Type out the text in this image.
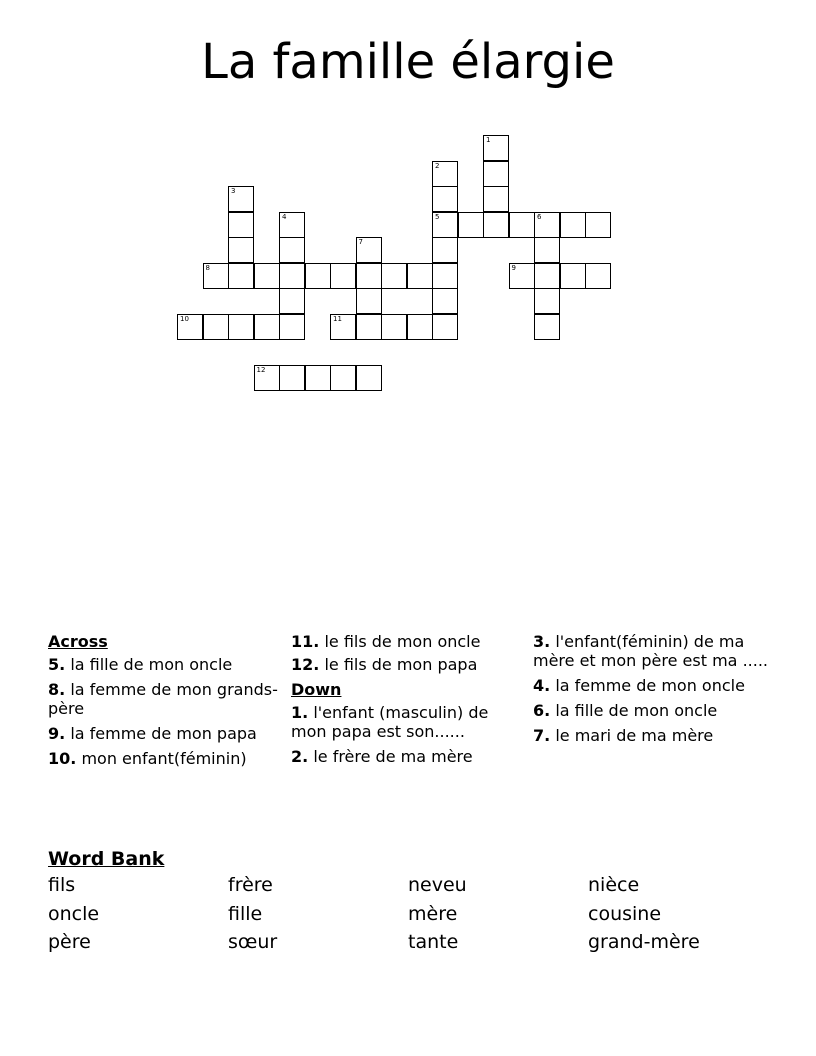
La famille élargie
1
2
5
3
4	6
7
8	9
10	11
12
Across
5. la fille de mon oncle
8. la femme de mon grands-père
9. la femme de mon papa
10. mon enfant(féminin)
11. le fils de mon oncle
12. le fils de mon papa
Down
1. l'enfant (masculin) de mon papa est son......
2. le frère de ma mère
3. l'enfant(féminin) de ma mère et mon père est ma .....
4. la femme de mon oncle
6. la fille de mon oncle
7. le mari de ma mère
Word Bank
fils	frère	neveu	nièce
oncle	fille	mère	cousine
père	sœur	tante	grand-mère
